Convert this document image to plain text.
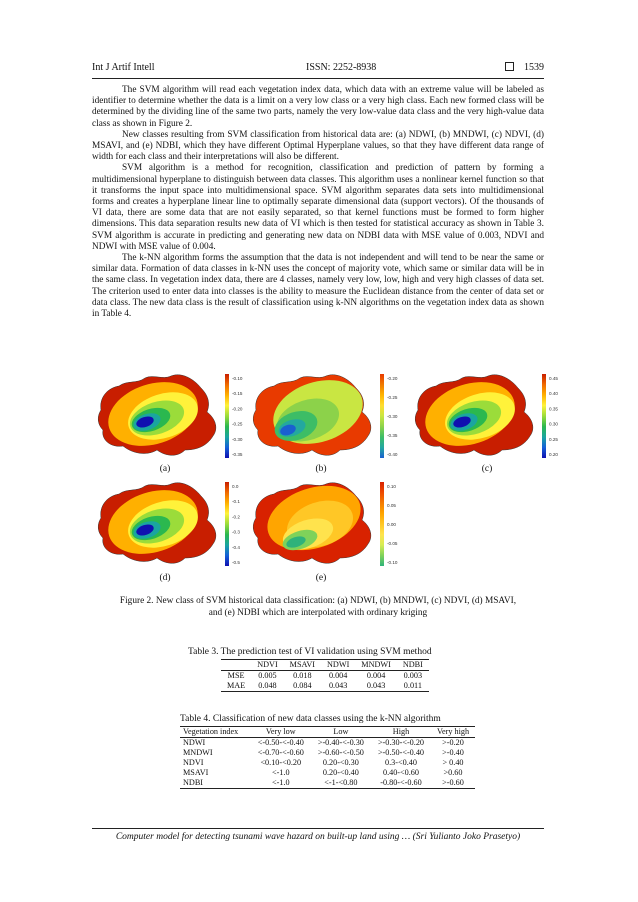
Int J Artif Intell	ISSN: 2252-8938	1539

The SVM algorithm will read each vegetation index data, which data with an extreme value will be labeled as identifier to determine whether the data is a limit on a very low class or a very high class. Each new formed class will be determined by the dividing line of the same two parts, namely the very low-value data class and the very high-value data class as shown in Figure 2.

New classes resulting from SVM classification from historical data are: (a) NDWI, (b) MNDWI, (c) NDVI, (d) MSAVI, and (e) NDBI, which they have different Optimal Hyperplane values, so that they have different data range of width for each class and their interpretations will also be different.

SVM algorithm is a method for recognition, classification and prediction of pattern by forming a multidimensional hyperplane to distinguish between data classes. This algorithm uses a nonlinear kernel function so that it transforms the input space into multidimensional space. SVM algorithm separates data sets into multidimensional forms and creates a hyperplane linear line to optimally separate dimensional data (support vectors). Of the thousands of VI data, there are some data that are not easily separated, so that kernel functions must be formed to form higher dimensions. This data separation results new data of VI which is then tested for statistical accuracy as shown in Table 3. SVM algorithm is accurate in predicting and generating new data on NDBI data with MSE value of 0.003, NDVI and NDWI with MSE value of 0.004.

The k-NN algorithm forms the assumption that the data is not independent and will tend to be near the same or similar data. Formation of data classes in k-NN uses the concept of majority vote, which same or similar data will be in the same class. In vegetation index data, there are 4 classes, namely very low, low, high and very high classes of data set. The criterion used to enter data into classes is the ability to measure the Euclidean distance from the center of data set or data class. The new data class is the result of classification using k-NN algorithms on the vegetation index data as shown in Table 4.

-0.10
-0.15
-0.20
-0.25
-0.30
-0.35
-0.20
-0.25
-0.30
-0.35
-0.40
0.45
0.40
0.35
0.30
0.25
0.20
0.0
-0.1
-0.2
-0.3
-0.4
-0.5
0.10
0.05
0.00
-0.05
-0.10
(a)	(b)	(c)
(d)	(e)
Figure 2. New class of SVM historical data classification: (a) NDWI, (b) MNDWI, (c) NDVI, (d) MSAVI,
and (e) NDBI which are interpolated with ordinary kriging
Table 3. The prediction test of VI validation using SVM method
	NDVI	MSAVI	NDWI	MNDWI	NDBI
MSE	0.005	0.018	0.004	0.004	0.003
MAE	0.048	0.084	0.043	0.043	0.011
Table 4. Classification of new data classes using the k-NN algorithm
Vegetation index	Very low	Low	High	Very high
NDWI	<-0.50-<-0.40	>-0.40-<-0.30	>-0.30-<-0.20	>-0.20
MNDWI	<-0.70-<-0.60	>-0.60-<-0.50	>-0.50-<-0.40	>-0.40
NDVI	<0.10-<0.20	0.20-<0.30	0.3-<0.40	> 0.40
MSAVI	<-1.0	0.20-<0.40	0.40-<0.60	>0.60
NDBI	<-1.0	<-1-<0.80	-0.80-<-0.60	>-0.60
Computer model for detecting tsunami wave hazard on built-up land using … (Sri Yulianto Joko Prasetyo)
